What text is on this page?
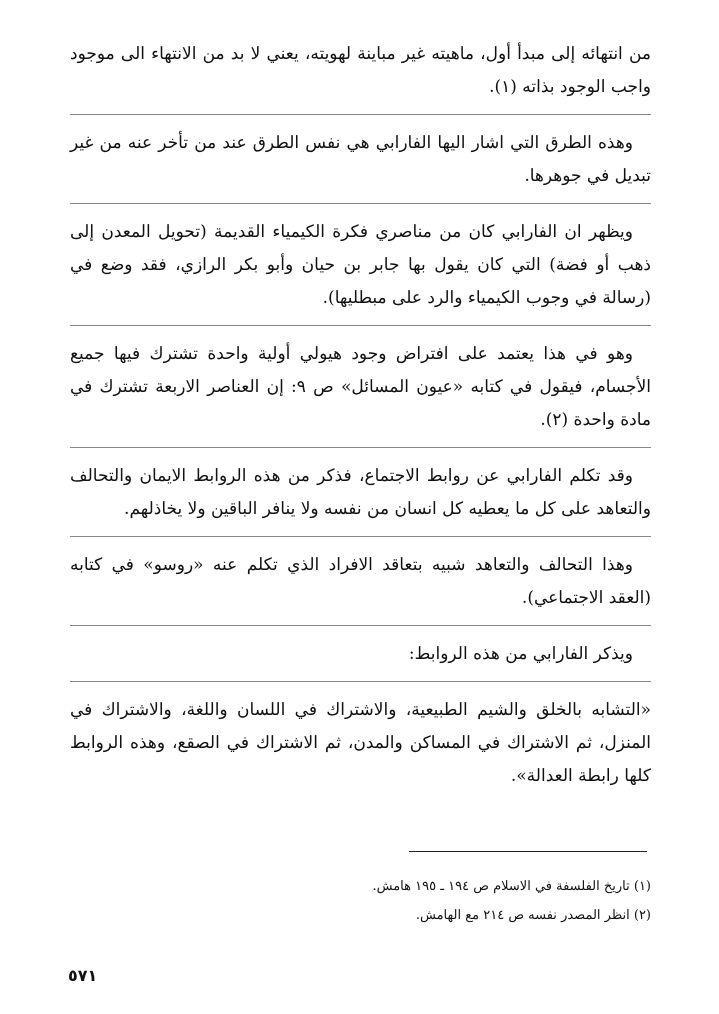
من انتهائه إلى مبدأ أول، ماهيته غير مباينة لهويته، يعني لا بد من الانتهاء الى موجود واجب الوجود بذاته (١).

وهذه الطرق التي اشار اليها الفارابي هي نفس الطرق عند من تأخر عنه من غير تبديل في جوهرها.

ويظهر ان الفارابي كان من مناصري فكرة الكيمياء القديمة (تحويل المعدن إلى ذهب أو فضة) التي كان يقول بها جابر بن حيان وأبو بكر الرازي، فقد وضع في (رسالة في وجوب الكيمياء والرد على مبطليها).

وهو في هذا يعتمد على افتراض وجود هيولي أولية واحدة تشترك فيها جميع الأجسام، فيقول في كتابه «عيون المسائل» ص ٩: إن العناصر الاربعة تشترك في مادة واحدة (٢).

وقد تكلم الفارابي عن روابط الاجتماع، فذكر من هذه الروابط الايمان والتحالف والتعاهد على كل ما يعطيه كل انسان من نفسه ولا ينافر الباقين ولا يخاذلهم.

وهذا التحالف والتعاهد شبيه بتعاقد الافراد الذي تكلم عنه «روسو» في كتابه (العقد الاجتماعي).

ويذكر الفارابي من هذه الروابط:

«التشابه بالخلق والشيم الطبيعية، والاشتراك في اللسان واللغة، والاشتراك في المنزل، ثم الاشتراك في المساكن والمدن، ثم الاشتراك في الصقع، وهذه الروابط كلها رابطة العدالة».

(١) تاريخ الفلسفة في الاسلام ص ١٩٤ ـ ١٩٥ هامش.

(٢) انظر المصدر نفسه ص ٢١٤ مع الهامش.

٥٧١
